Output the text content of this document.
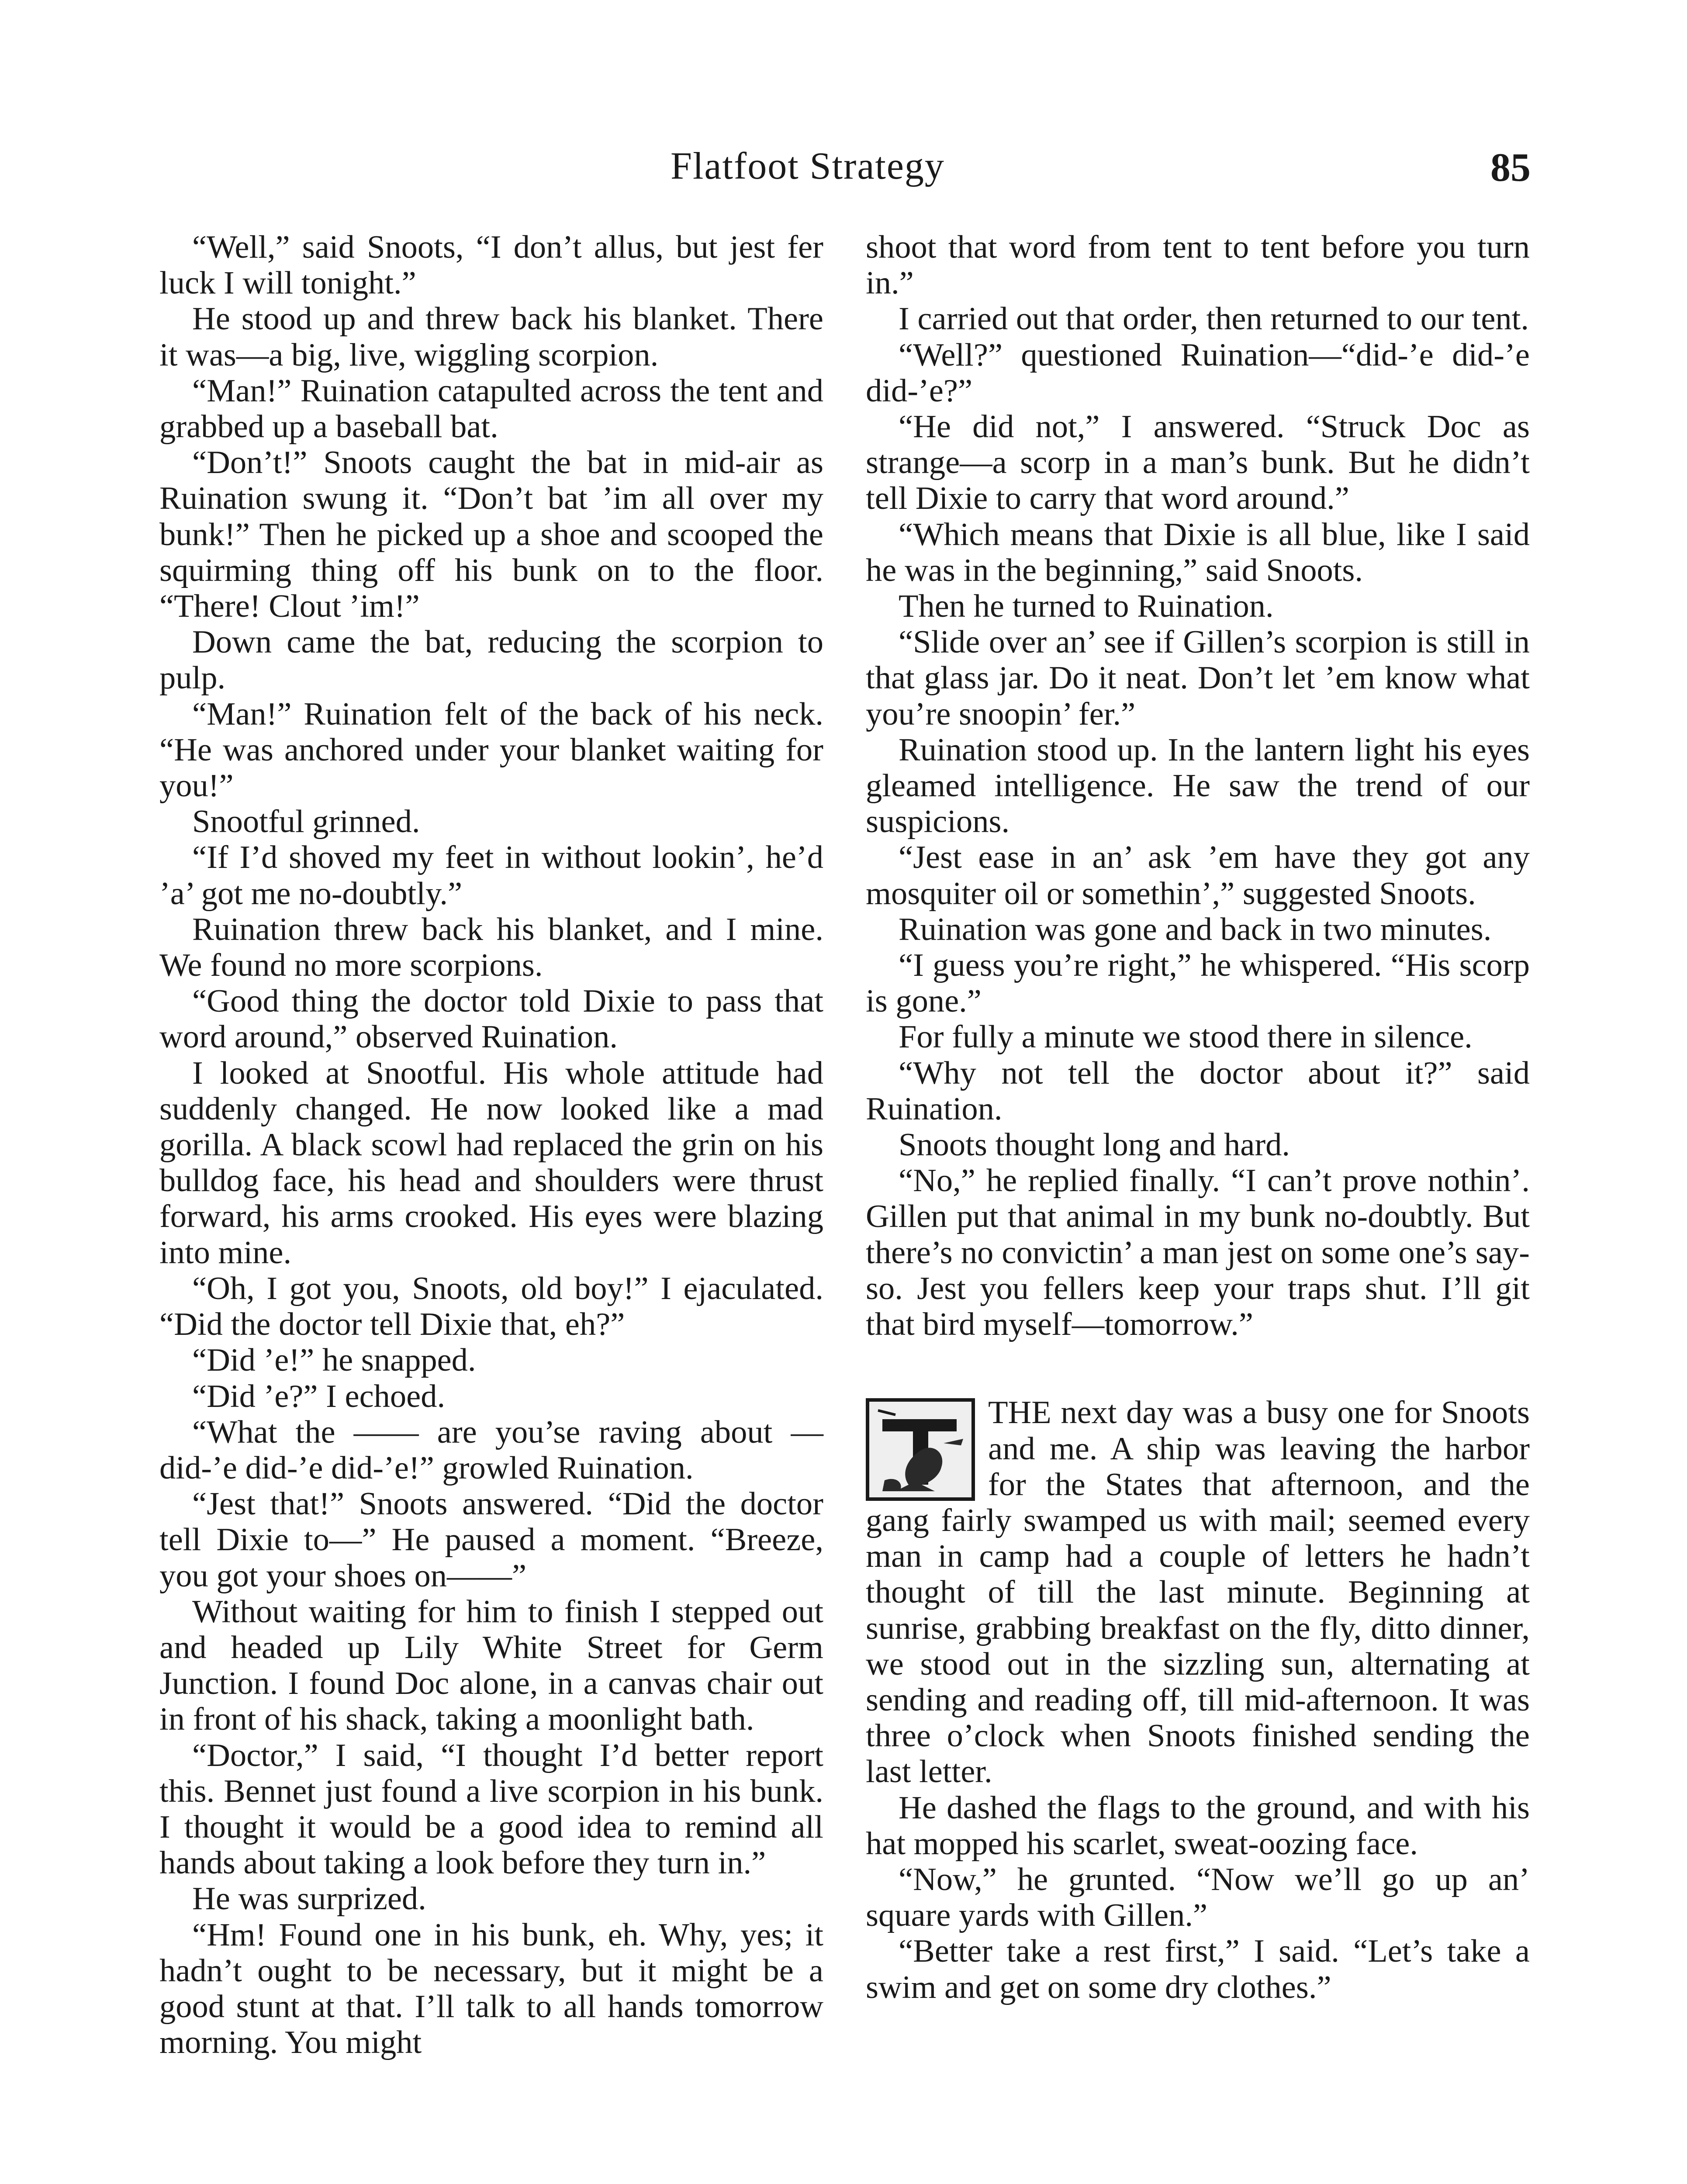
Flatfoot Strategy	85

“Well,” said Snoots, “I don’t allus, but jest fer luck I will tonight.”

He stood up and threw back his blanket. There it was—a big, live, wiggling scorpion.

“Man!” Ruination catapulted across the tent and grabbed up a baseball bat.

“Don’t!” Snoots caught the bat in mid-air as Ruination swung it. “Don’t bat ’im all over my bunk!” Then he picked up a shoe and scooped the squirming thing off his bunk on to the floor. “There! Clout ’im!”

Down came the bat, reducing the scorpion to pulp.

“Man!” Ruination felt of the back of his neck. “He was anchored under your blanket waiting for you!”

Snootful grinned.

“If I’d shoved my feet in without lookin’, he’d ’a’ got me no-doubtly.”

Ruination threw back his blanket, and I mine. We found no more scorpions.

“Good thing the doctor told Dixie to pass that word around,” observed Ruination.

I looked at Snootful. His whole attitude had suddenly changed. He now looked like a mad gorilla. A black scowl had replaced the grin on his bulldog face, his head and shoulders were thrust forward, his arms crooked. His eyes were blazing into mine.

“Oh, I got you, Snoots, old boy!” I ejaculated. “Did the doctor tell Dixie that, eh?”

“Did ’e!” he snapped.

“Did ’e?” I echoed.

“What the —— are you’se raving about —did-’e did-’e did-’e!” growled Ruination.

“Jest that!” Snoots answered. “Did the doctor tell Dixie to—” He paused a moment. “Breeze, you got your shoes on——”

Without waiting for him to finish I stepped out and headed up Lily White Street for Germ Junction. I found Doc alone, in a canvas chair out in front of his shack, taking a moonlight bath.

“Doctor,” I said, “I thought I’d better report this. Bennet just found a live scorpion in his bunk. I thought it would be a good idea to remind all hands about taking a look before they turn in.”

He was surprized.

“Hm! Found one in his bunk, eh. Why, yes; it hadn’t ought to be necessary, but it might be a good stunt at that. I’ll talk to all hands tomorrow morning. You might

shoot that word from tent to tent before you turn in.”

I carried out that order, then returned to our tent.

“Well?” questioned Ruination—“did-’e did-’e did-’e?”

“He did not,” I answered. “Struck Doc as strange—a scorp in a man’s bunk. But he didn’t tell Dixie to carry that word around.”

“Which means that Dixie is all blue, like I said he was in the beginning,” said Snoots.

Then he turned to Ruination.

“Slide over an’ see if Gillen’s scorpion is still in that glass jar. Do it neat. Don’t let ’em know what you’re snoopin’ fer.”

Ruination stood up. In the lantern light his eyes gleamed intelligence. He saw the trend of our suspicions.

“Jest ease in an’ ask ’em have they got any mosquiter oil or somethin’,” suggested Snoots.

Ruination was gone and back in two minutes.

“I guess you’re right,” he whispered. “His scorp is gone.”

For fully a minute we stood there in silence.

“Why not tell the doctor about it?” said Ruination.

Snoots thought long and hard.

“No,” he replied finally. “I can’t prove nothin’. Gillen put that animal in my bunk no-doubtly. But there’s no convictin’ a man jest on some one’s say-so. Jest you fellers keep your traps shut. I’ll git that bird myself—tomorrow.”

THE next day was a busy one for Snoots and me. A ship was leaving the harbor for the States that afternoon, and the gang fairly swamped us with mail; seemed every man in camp had a couple of letters he hadn’t thought of till the last minute. Beginning at sunrise, grabbing breakfast on the fly, ditto dinner, we stood out in the sizzling sun, alternating at sending and reading off, till mid-afternoon. It was three o’clock when Snoots finished sending the last letter.

He dashed the flags to the ground, and with his hat mopped his scarlet, sweat-oozing face.

“Now,” he grunted. “Now we’ll go up an’ square yards with Gillen.”

“Better take a rest first,” I said. “Let’s take a swim and get on some dry clothes.”
